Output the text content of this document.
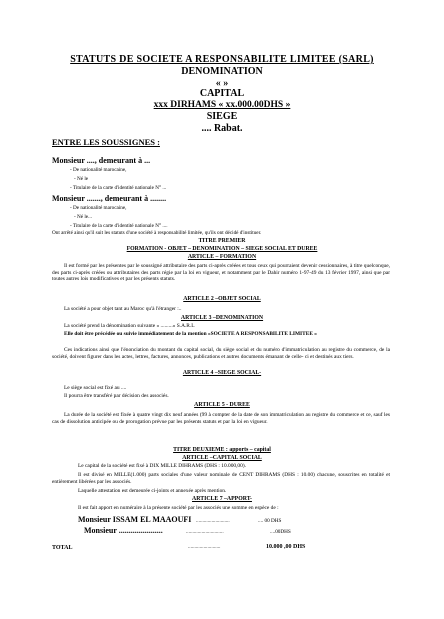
STATUTS DE SOCIETE A RESPONSABILITE LIMITEE (SARL)
DENOMINATION
« »
CAPITAL
xxx DIRHAMS « xx.000.00DHS »
SIEGE
.... Rabat.
ENTRE LES SOUSSIGNES :
Monsieur ...., demeurant à ...
- De nationalité marocaine,
- Né le
- Titulaire de la carte d'identité nationale N° ...
Monsieur ......., demeurant à ........
- De nationalité marocaine,
- Né le...
- Titulaire de la carte d'identité nationale N° ....
Ont arrêté ainsi qu'il suit les statuts d'une société à responsabilité limitée, qu'ils ont décidé d'instituer.
TITRE PREMIER
FORMATION - OBJET – DENOMINATION – SIEGE SOCIAL ET DUREE
ARTICLE – FORMATION
Il est formé par les présentes par le soussigné attributaire des parts ci-après créées et tous ceux qui pourraient devenir cessionnaires, à titre quelconque, des parts ci-après créées ou attributaires des parts régie par la loi en vigueur, et notamment par le Dahir numéro 1-97-49 du 13 février 1997, ainsi que par toutes autres lois modificatives et par les présents statuts.
ARTICLE 2 –OBJET SOCIAL
La société a pour objet tant au Maroc qu'à l'étranger :..
ARTICLE 3 –DENOMINATION
La société prend la dénomination suivante « .........» S.A.R.L
Elle doit être précédée ou suivie immédiatement de la mention «SOCIETE A RESPONSABILITE LIMITEE »
Ces indications ainsi que l'énonciation du montant du capital social, du siège social et du numéro d'immatriculation au registre du commerce, de la société, doivent figurer dans les actes, lettres, factures, annonces, publications et autres documents émanant de celle- ci et destinés aux tiers.
ARTICLE 4 –SIEGE SOCIAL-
Le siège social est fixé au ....
Il pourra être transféré par décision des associés.
ARTICLE 5 - DUREE
La durée de la société est fixée à quatre vingt dix neuf années (99 à compter de la date de son immatriculation au registre du commerce et ce, sauf les cas de dissolution anticipée ou de prorogation prévue par les présents statuts et par la loi en vigueur.
TITRE DEUXIEME : apports – capital
ARTICLE –CAPITAL SOCIAL
Le capital de la société est fixé à DIX MILLE DIHRAMS (DHS : 10.000,00).
Il est divisé en MILLE(1.000) parts sociales d'une valeur nominale de CENT DIHRAMS (DHS : 10.00) chacune, souscrites en totalité et entièrement libérées par les associés.
Laquelle attestation est demeurée ci-joints et annexée après mention.
ARTICLE 7 –APPORT-
Il est fait apport en numéraire à la présente société par les associés une somme en espèce de :
Monsieur ISSAM EL MAAOUFI ..........................	.... 00 DHS
Monsieur ......................	.............................	....00DHS
TOTAL	.........................	10.000 ,00 DHS
